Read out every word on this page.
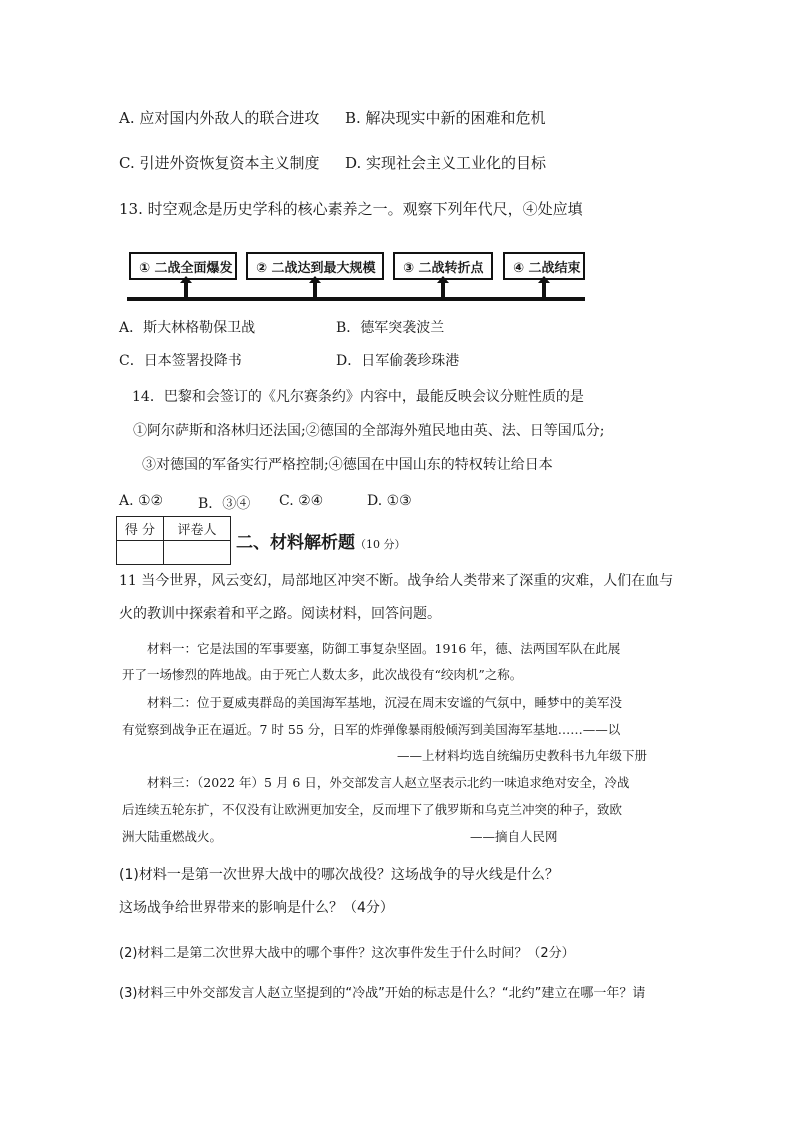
A. 应对国内外敌人的联合进攻 B. 解决现实中新的困难和危机
C. 引进外资恢复资本主义制度 D. 实现社会主义工业化的目标
13. 时空观念是历史学科的核心素养之一。观察下列年代尺，④处应填
① 二战全面爆发	② 二战达到最大规模	③ 二战转折点	④ 二战结束
A．斯大林格勒保卫战	B．德军突袭波兰
C．日本签署投降书	D．日军偷袭珍珠港
14．巴黎和会签订的《凡尔赛条约》内容中，最能反映会议分赃性质的是
①阿尔萨斯和洛林归还法国;②德国的全部海外殖民地由英、法、日等国瓜分;
③对德国的军备实行严格控制;④德国在中国山东的特权转让给日本
A. ①② B．③④ C. ②④	D. ①③
得 分	评卷人

二、材料解析题（10 分）
11 当今世界，风云变幻，局部地区冲突不断。战争给人类带来了深重的灾难，人们在血与
火的教训中探索着和平之路。阅读材料，回答问题。
材料一：它是法国的军事要塞，防御工事复杂坚固。1916 年，德、法两国军队在此展
开了一场惨烈的阵地战。由于死亡人数太多，此次战役有“绞肉机”之称。
材料二：位于夏威夷群岛的美国海军基地，沉浸在周末安谧的气氛中，睡梦中的美军没
有觉察到战争正在逼近。7 时 55 分，日军的炸弹像暴雨般倾泻到美国海军基地……——以
——上材料均选自统编历史教科书九年级下册
材料三：（2022 年）5 月 6 日，外交部发言人赵立坚表示北约一味追求绝对安全，冷战
后连续五轮东扩，不仅没有让欧洲更加安全，反而埋下了俄罗斯和乌克兰冲突的种子，致欧
洲大陆重燃战火。	——摘自人民网
(1)材料一是第一次世界大战中的哪次战役？这场战争的导火线是什么？
这场战争给世界带来的影响是什么？（4分）
(2)材料二是第二次世界大战中的哪个事件？这次事件发生于什么时间？（2分）
(3)材料三中外交部发言人赵立坚提到的“冷战”开始的标志是什么？“北约”建立在哪一年？请
